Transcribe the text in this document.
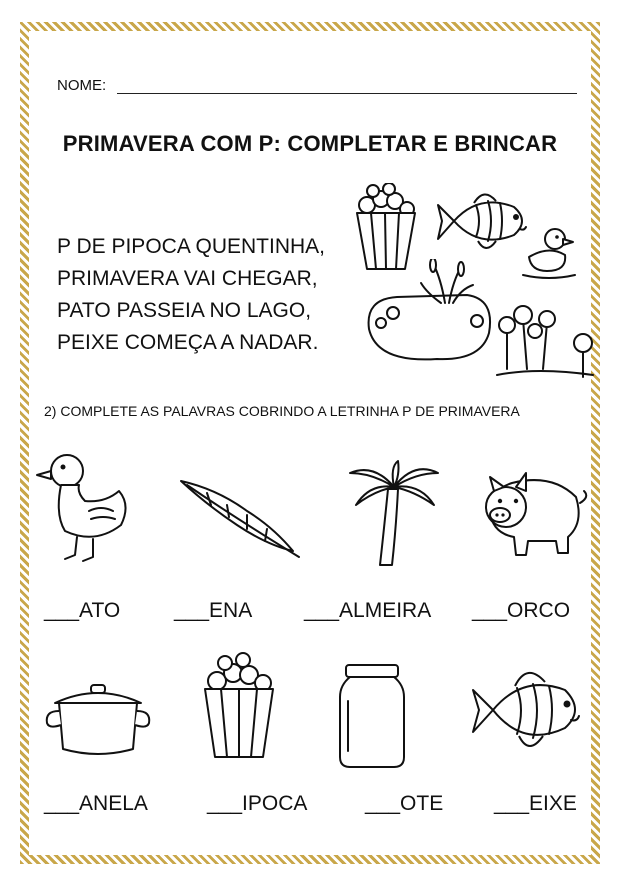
NOME:
PRIMAVERA COM P: COMPLETAR E BRINCAR
P DE PIPOCA QUENTINHA,
PRIMAVERA VAI CHEGAR,
PATO PASSEIA NO LAGO,
PEIXE COMEÇA A NADAR.
2) COMPLETE AS PALAVRAS COBRINDO A LETRINHA P DE PRIMAVERA
___ATO	___ENA ___ALMEIRA ___ORCO
___ANELA	___IPOCA	___OTE ___EIXE
